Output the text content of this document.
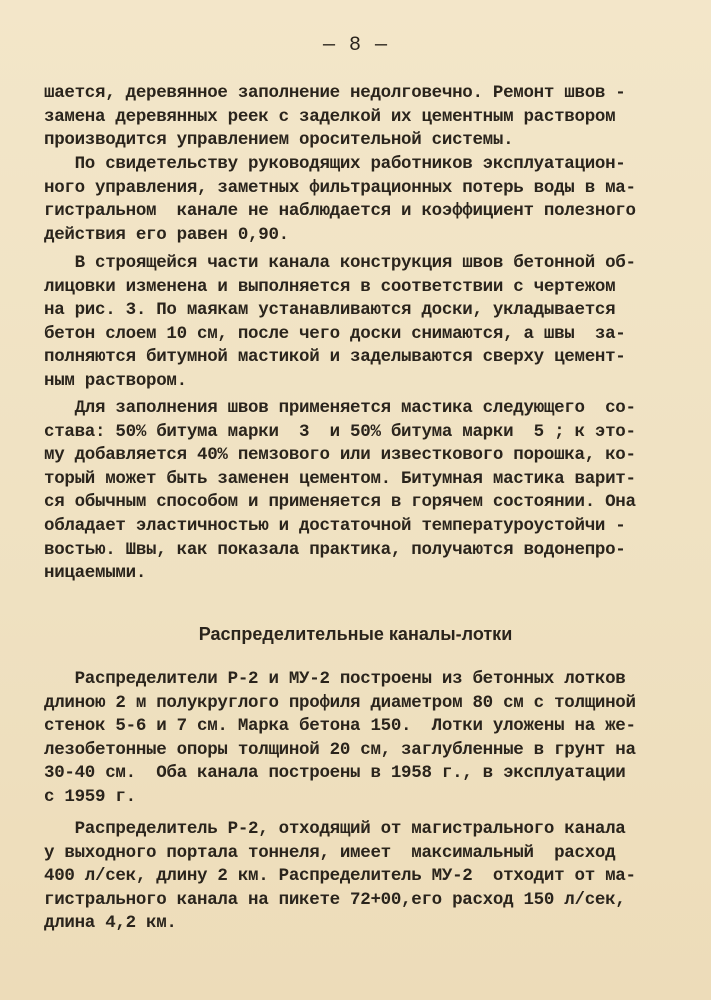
— 8 —
шается, деревянное заполнение недолговечно. Ремонт швов -
замена деревянных реек с заделкой их цементным раствором
производится управлением оросительной системы.
По свидетельству руководящих работников эксплуатацион-
ного управления, заметных фильтрационных потерь воды в ма-
гистральном  канале не наблюдается и коэффициент полезного
действия его равен 0,90.
В строящейся части канала конструкция швов бетонной об-
лицовки изменена и выполняется в соответствии с чертежом
на рис. 3. По маякам устанавливаются доски, укладывается
бетон слоем 10 см, после чего доски снимаются, а швы  за-
полняются битумной мастикой и заделываются сверху цемент-
ным раствором.
Для заполнения швов применяется мастика следующего  со-
става: 50% битума марки  3  и 50% битума марки  5 ; к это-
му добавляется 40% пемзового или известкового порошка, ко-
торый может быть заменен цементом. Битумная мастика варит-
ся обычным способом и применяется в горячем состоянии. Она
обладает эластичностью и достаточной температуроустойчи -
востью. Швы, как показала практика, получаются водонепро-
ницаемыми.
Распределительные каналы-лотки
Распределители Р-2 и МУ-2 построены из бетонных лотков
длиною 2 м полукруглого профиля диаметром 80 см с толщиной
стенок 5-6 и 7 см. Марка бетона 150.  Лотки уложены на же-
лезобетонные опоры толщиной 20 см, заглубленные в грунт на
30-40 см.  Оба канала построены в 1958 г., в эксплуатации
с 1959 г.
Распределитель Р-2, отходящий от магистрального канала
у выходного портала тоннеля, имеет  максимальный  расход
400 л/сек, длину 2 км. Распределитель МУ-2  отходит от ма-
гистрального канала на пикете 72+00,его расход 150 л/сек,
длина 4,2 км.
